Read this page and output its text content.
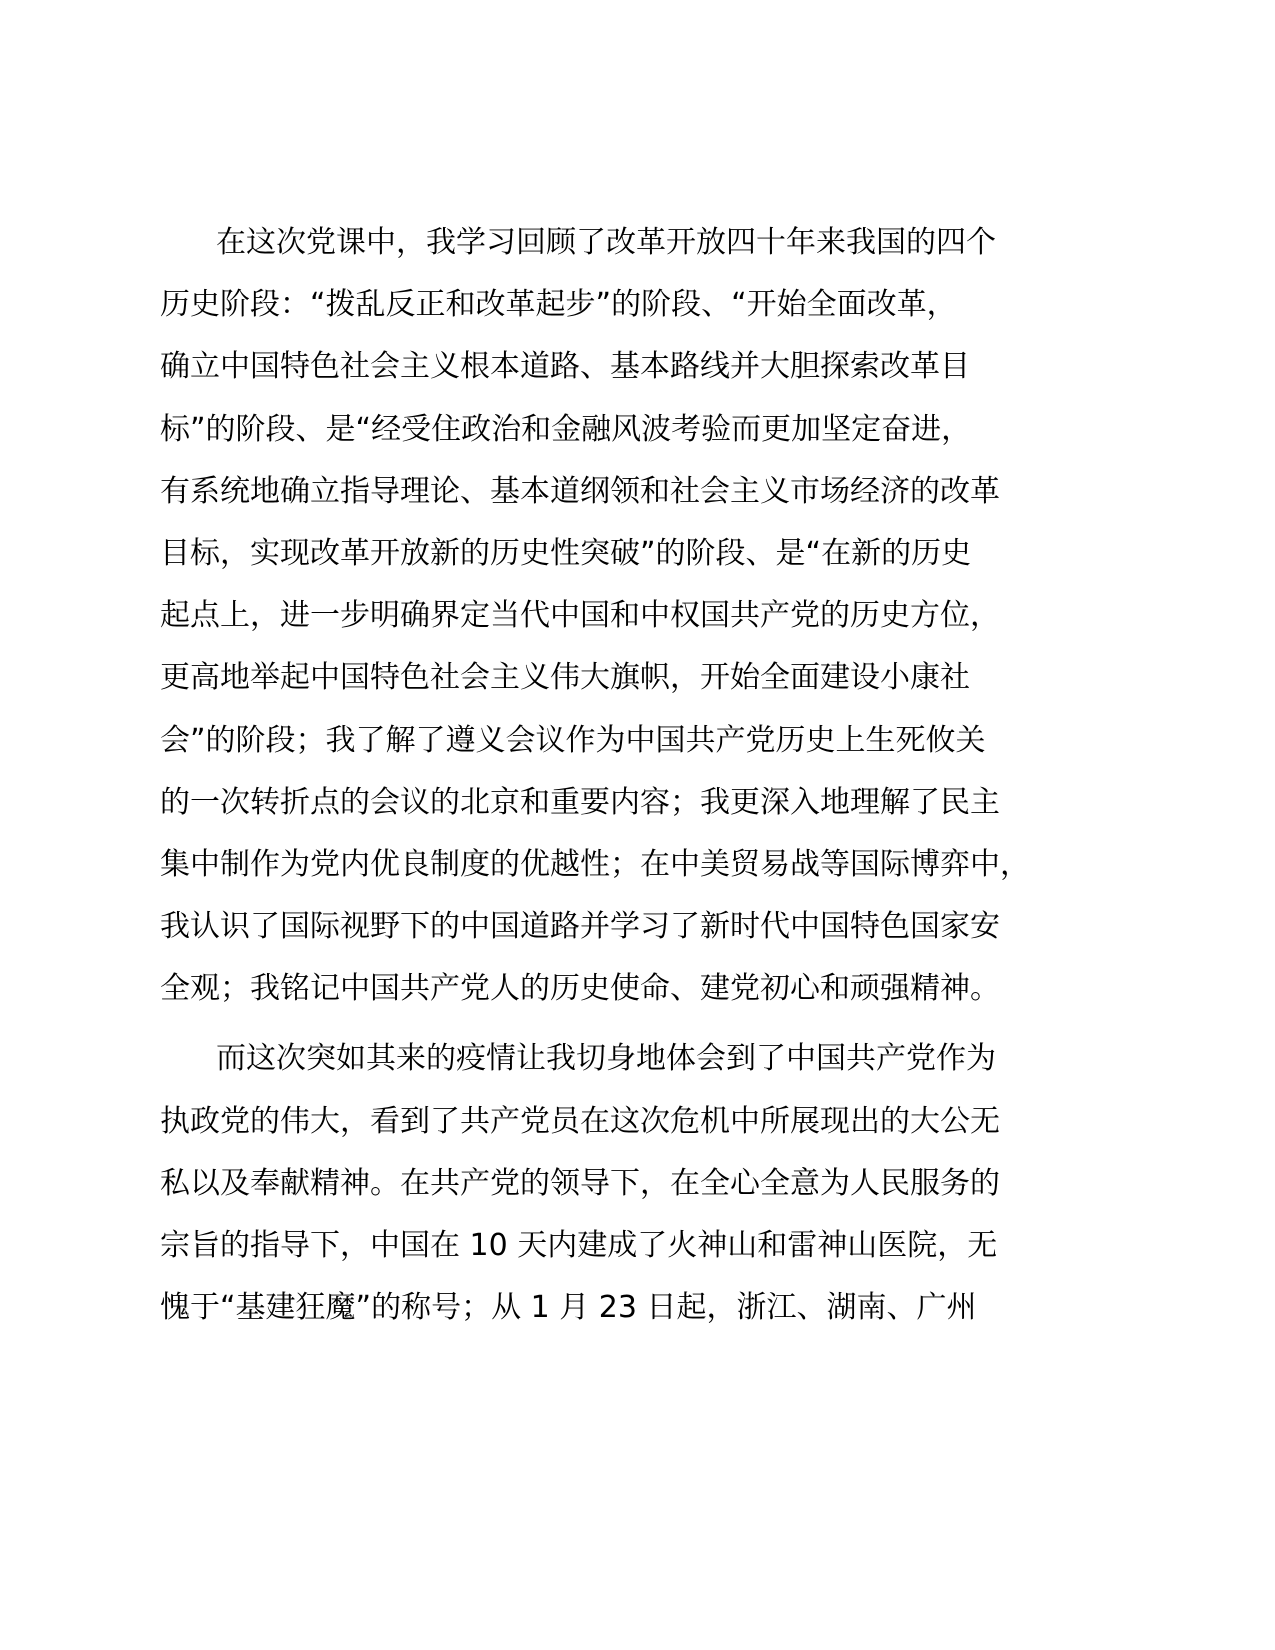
在这次党课中，我学习回顾了改革开放四十年来我国的四个
历史阶段：“拨乱反正和改革起步”的阶段、“开始全面改革，
确立中国特色社会主义根本道路、基本路线并大胆探索改革目
标”的阶段、是“经受住政治和金融风波考验而更加坚定奋进，
有系统地确立指导理论、基本道纲领和社会主义市场经济的改革
目标，实现改革开放新的历史性突破”的阶段、是“在新的历史
起点上，进一步明确界定当代中国和中权国共产党的历史方位，
更高地举起中国特色社会主义伟大旗帜，开始全面建设小康社
会”的阶段；我了解了遵义会议作为中国共产党历史上生死攸关
的一次转折点的会议的北京和重要内容；我更深入地理解了民主
集中制作为党内优良制度的优越性；在中美贸易战等国际博弈中，
我认识了国际视野下的中国道路并学习了新时代中国特色国家安
全观；我铭记中国共产党人的历史使命、建党初心和顽强精神。

而这次突如其来的疫情让我切身地体会到了中国共产党作为
执政党的伟大，看到了共产党员在这次危机中所展现出的大公无
私以及奉献精神。在共产党的领导下，在全心全意为人民服务的
宗旨的指导下，中国在 10 天内建成了火神山和雷神山医院，无
愧于“基建狂魔”的称号；从 1 月 23 日起，浙江、湖南、广州
